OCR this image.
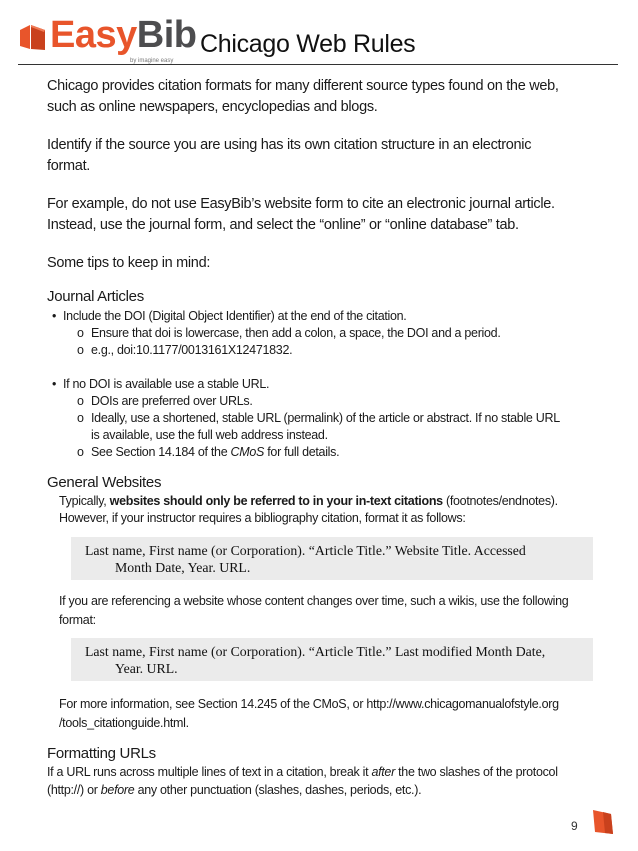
EasyBib
by imagine easy
Chicago Web Rules

Chicago provides citation formats for many different source types found on the web,
such as online newspapers, encyclopedias and blogs.

Identify if the source you are using has its own citation structure in an electronic
format.

For example, do not use EasyBib’s website form to cite an electronic journal article.
Instead, use the journal form, and select the “online” or “online database” tab.

Some tips to keep in mind:

Journal Articles
• Include the DOI (Digital Object Identifier) at the end of the citation.
o Ensure that doi is lowercase, then add a colon, a space, the DOI and a period.
o e.g., doi:10.1177/0013161X12471832.
• If no DOI is available use a stable URL.
o DOIs are preferred over URLs.
o Ideally, use a shortened, stable URL (permalink) of the article or abstract. If no stable URL
is available, use the full web address instead.
o See Section 14.184 of the CMoS for full details.
General Websites
Typically, websites should only be referred to in your in-text citations (footnotes/endnotes).
However, if your instructor requires a bibliography citation, format it as follows:
Last name, First name (or Corporation). “Article Title.” Website Title. Accessed

Month Date, Year. URL.
If you are referencing a website whose content changes over time, such a wikis, use the following
format:
Last name, First name (or Corporation). “Article Title.” Last modified Month Date,

Year. URL.
For more information, see Section 14.245 of the CMoS, or http://www.chicagomanualofstyle.org
/tools_citationguide.html.
Formatting URLs
If a URL runs across multiple lines of text in a citation, break it after the two slashes of the protocol
(http://) or before any other punctuation (slashes, dashes, periods, etc.).
9
